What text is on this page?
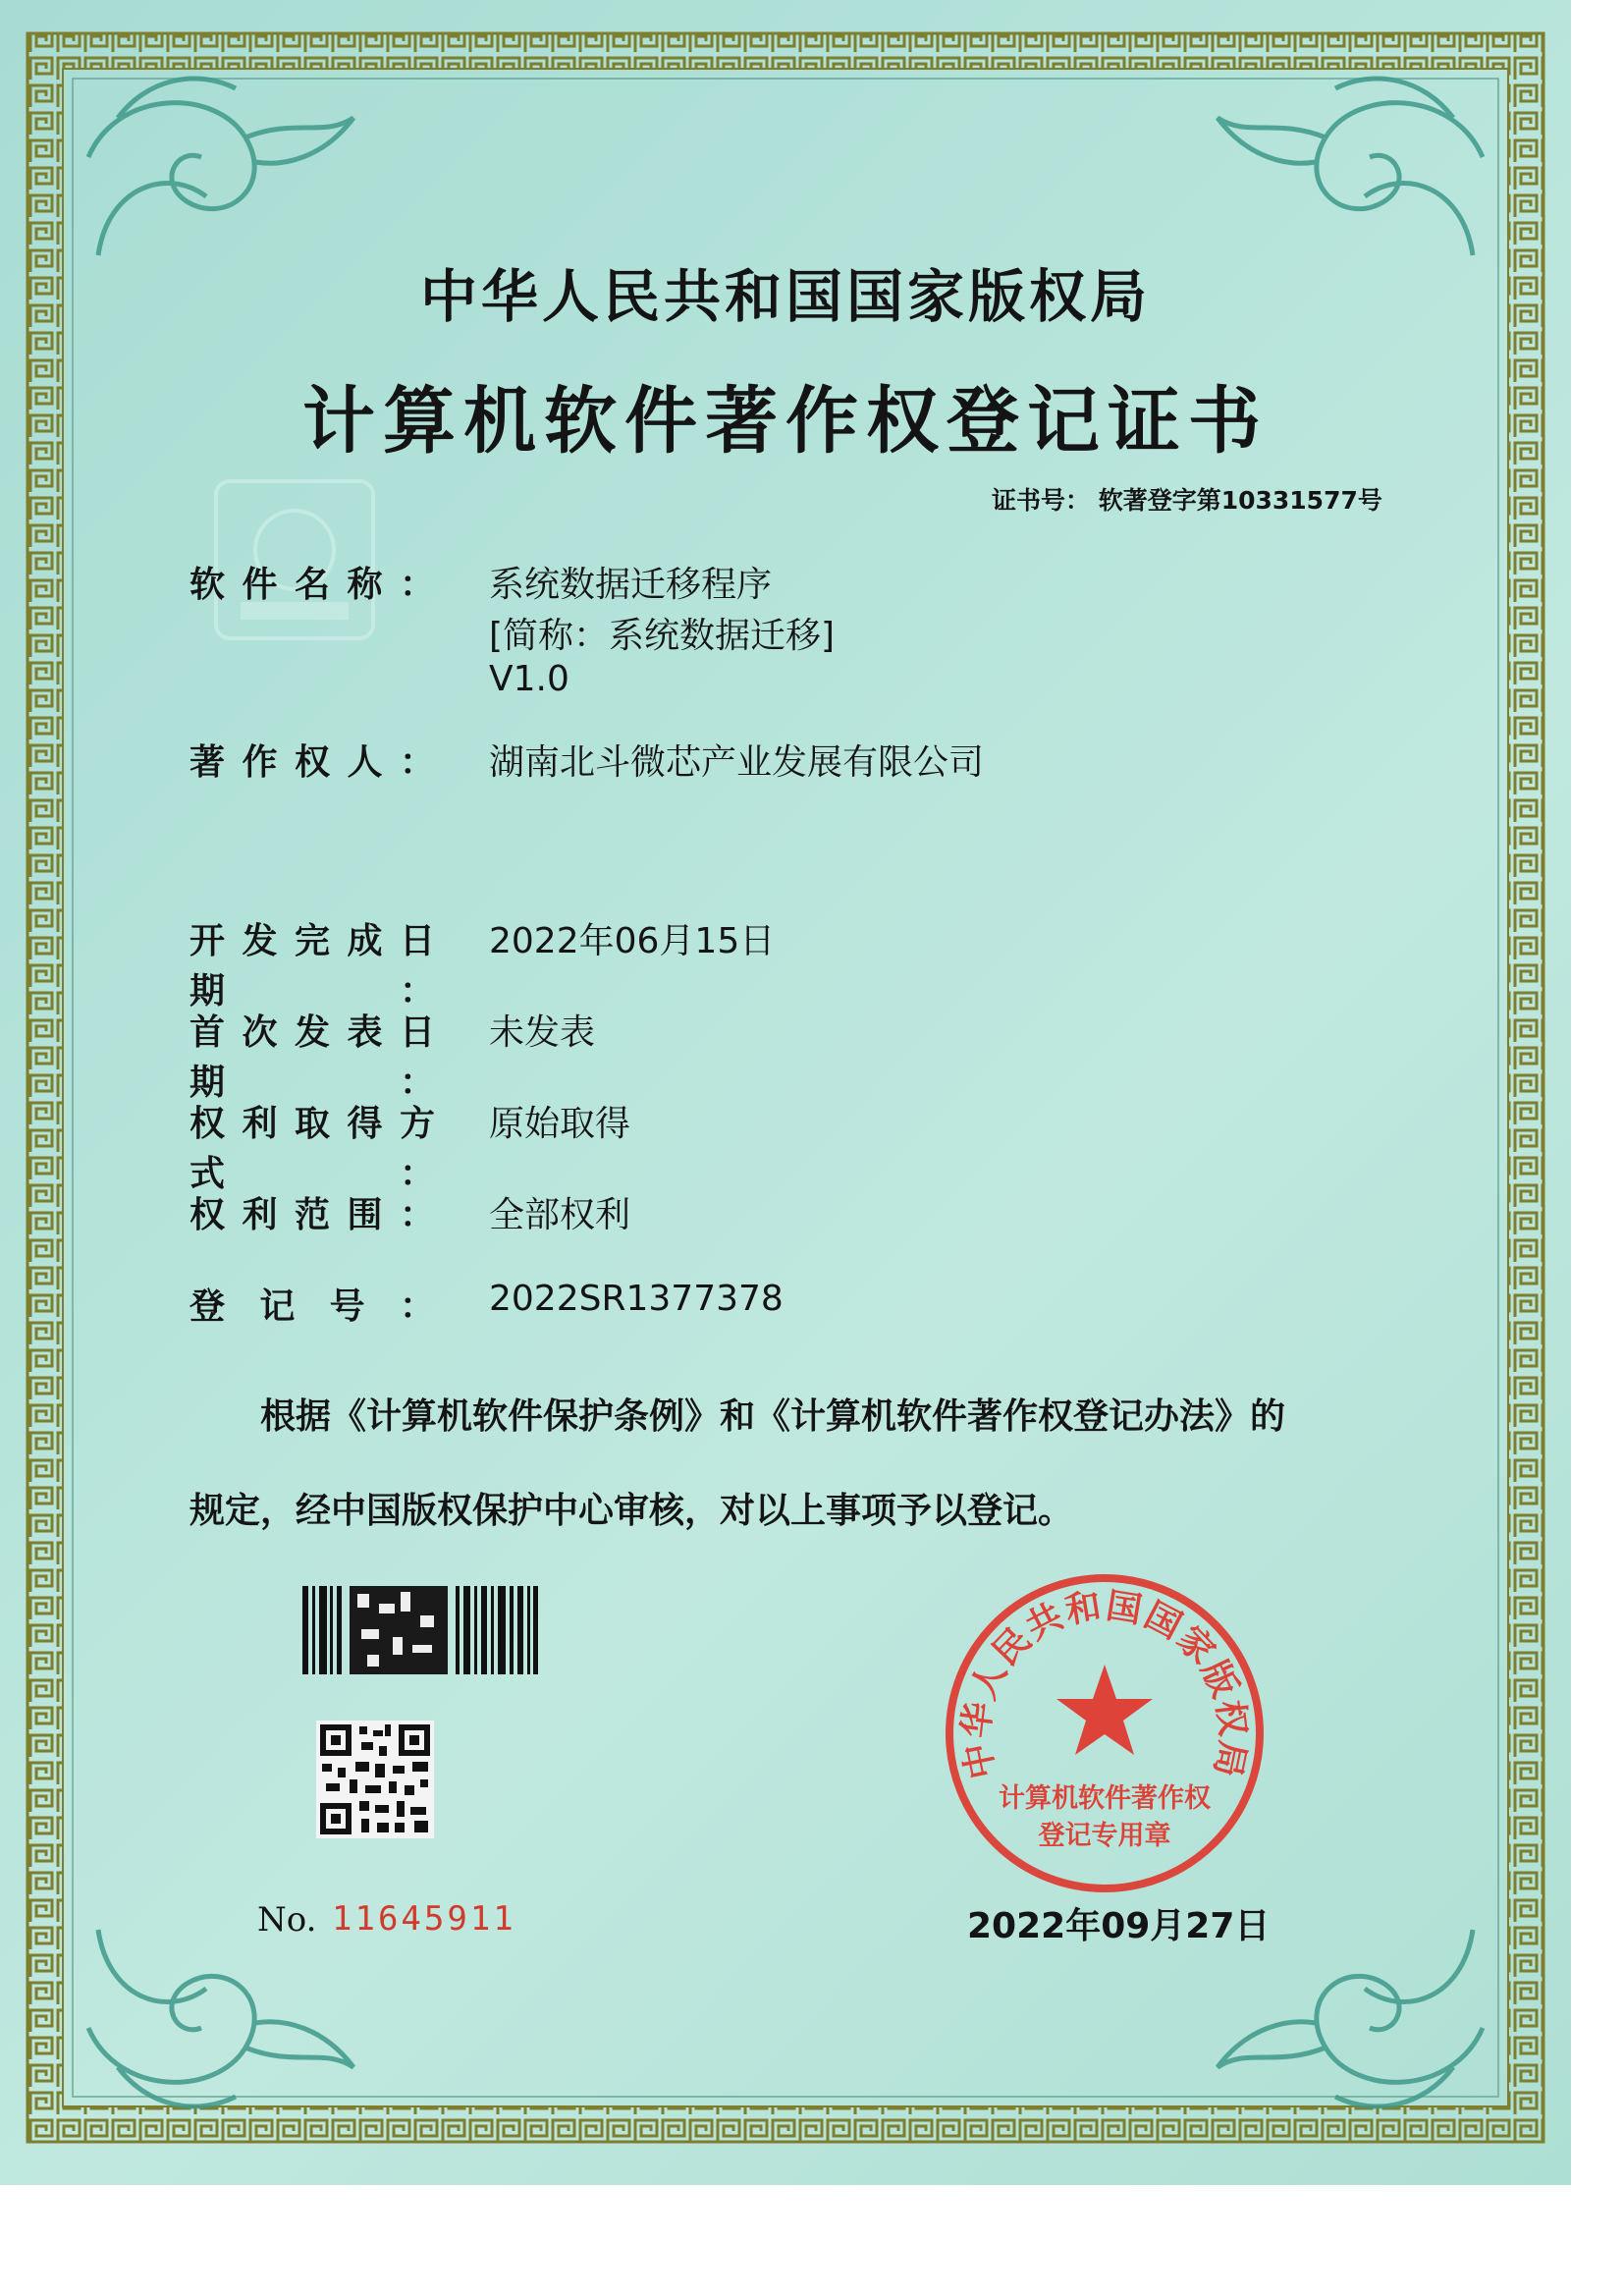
中华人民共和国国家版权局
计算机软件著作权登记证书
证书号： 软著登字第10331577号
软件名称： 系统数据迁移程序
[简称：系统数据迁移]
V1.0
著作权人： 湖南北斗微芯产业发展有限公司
开发完成日期：
2022年06月15日
首次发表日期：
未发表
权利取得方式：
原始取得
权利范围： 全部权利
登记号： 2022SR1377378
根据《计算机软件保护条例》和《计算机软件著作权登记办法》的
规定，经中国版权保护中心审核，对以上事项予以登记。
No. 11645911
中华人民共和国国家版权局
计算机软件著作权
登记专用章
2022年09月27日
